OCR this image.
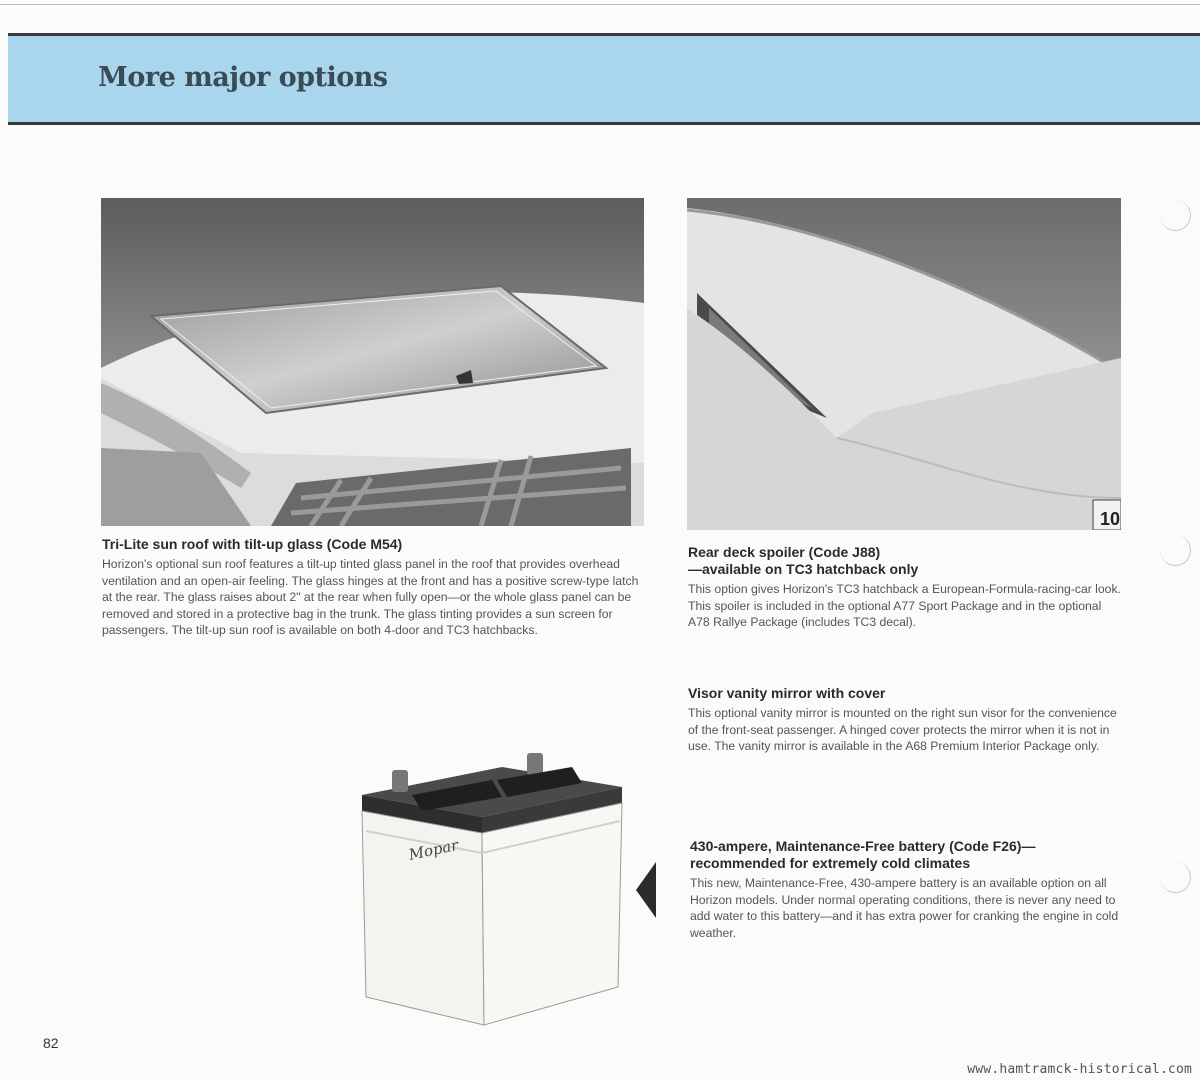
More major options
10
Mopar
Tri-Lite sun roof with tilt-up glass (Code M54)

Horizon's optional sun roof features a tilt-up tinted glass panel in the roof that provides overhead ventilation and an open-air feeling. The glass hinges at the front and has a positive screw-type latch at the rear. The glass raises about 2" at the rear when fully open—or the whole glass panel can be removed and stored in a protective bag in the trunk. The glass tinting provides a sun screen for passengers. The tilt-up sun roof is available on both 4-door and TC3 hatchbacks.

Rear deck spoiler (Code J88)
—available on TC3 hatchback only

This option gives Horizon's TC3 hatchback a European-Formula-racing-car look. This spoiler is included in the optional A77 Sport Package and in the optional A78 Rallye Package (includes TC3 decal).

Visor vanity mirror with cover

This optional vanity mirror is mounted on the right sun visor for the convenience of the front-seat passenger. A hinged cover protects the mirror when it is not in use. The vanity mirror is available in the A68 Premium Interior Package only.

430-ampere, Maintenance-Free battery (Code F26)—
recommended for extremely cold climates

This new, Maintenance-Free, 430-ampere battery is an available option on all Horizon models. Under normal operating conditions, there is never any need to add water to this battery—and it has extra power for cranking the engine in cold weather.

82
www.hamtramck-historical.com
